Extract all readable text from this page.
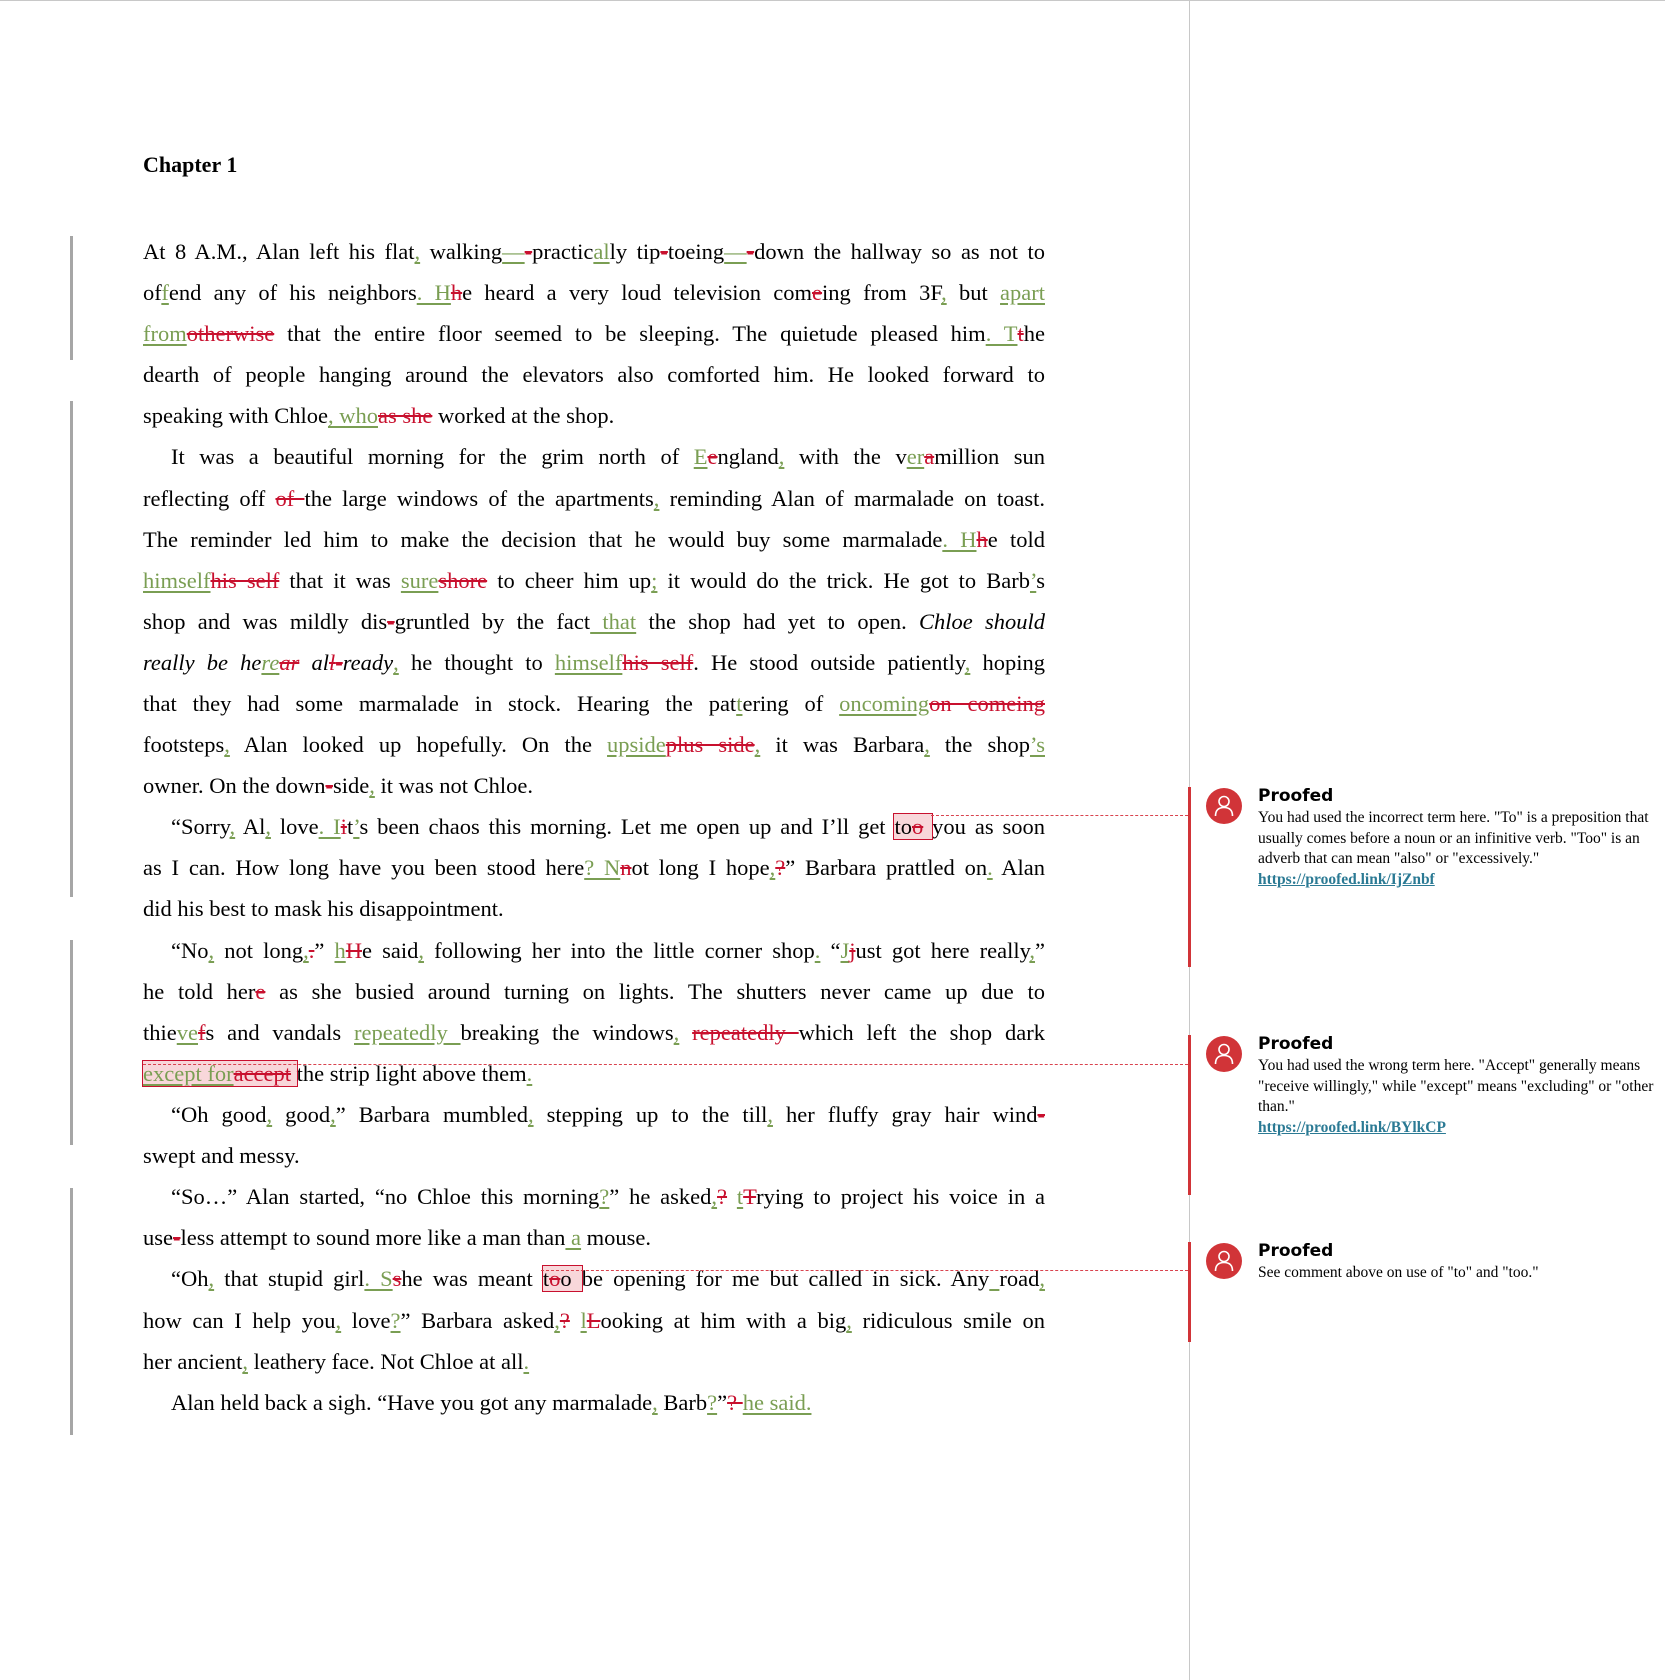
Chapter 1
At 8 A.M., Alan left his flat, walking—-practically tip-toeing—-down the hallway so as not to
offend any of his neighbors. Hhe heard a very loud television comeing from 3F, but apart
fromotherwise that the entire floor seemed to be sleeping. The quietude pleased him. Tthe
dearth of people hanging around the elevators also comforted him. He looked forward to
speaking with Chloe, whoas she worked at the shop.
It was a beautiful morning for the grim north of Eengland, with the veramillion sun
reflecting off of the large windows of the apartments, reminding Alan of marmalade on toast.
The reminder led him to make the decision that he would buy some marmalade. Hhe told
himselfhis self that it was sureshore to cheer him up; it would do the trick. He got to Barb’s
shop and was mildly dis-gruntled by the fact that the shop had yet to open. Chloe should
really be herear all-ready, he thought to himselfhis self. He stood outside patiently, hoping
that they had some marmalade in stock. Hearing the pattering of oncomingon comeing
footsteps, Alan looked up hopefully. On the upsideplus side, it was Barbara, the shop’s
owner. On the down-side, it was not Chloe.
“Sorry, Al, love. Iit’s been chaos this morning. Let me open up and I’ll get too you as soon
as I can. How long have you been stood here? Nnot long I hope,?” Barbara prattled on. Alan
did his best to mask his disappointment.
“No, not long,.” hHe said, following her into the little corner shop. “Jjust got here really,”
he told here as she busied around turning on lights. The shutters never came up due to
thievefs and vandals repeatedly breaking the windows, repeatedly which left the shop dark
except foraccept the strip light above them.
“Oh good, good,” Barbara mumbled, stepping up to the till, her fluffy gray hair wind-
swept and messy.
“So…” Alan started, “no Chloe this morning?” he asked,? tTrying to project his voice in a
use-less attempt to sound more like a man than a mouse.
“Oh, that stupid girl. Sshe was meant too be opening for me but called in sick. Any road,
how can I help you, love?” Barbara asked,? lLooking at him with a big, ridiculous smile on
her ancient, leathery face. Not Chloe at all.
Alan held back a sigh. “Have you got any marmalade, Barb?”? he said.
Proofed
You had used the incorrect term here. "To" is a preposition that usually comes before a noun or an infinitive verb. "Too" is an adverb that can mean "also" or "excessively."
https://proofed.link/IjZnbf
Proofed
You had used the wrong term here. "Accept" generally means "receive willingly," while "except" means "excluding" or "other than."
https://proofed.link/BYlkCP
Proofed
See comment above on use of "to" and "too."
